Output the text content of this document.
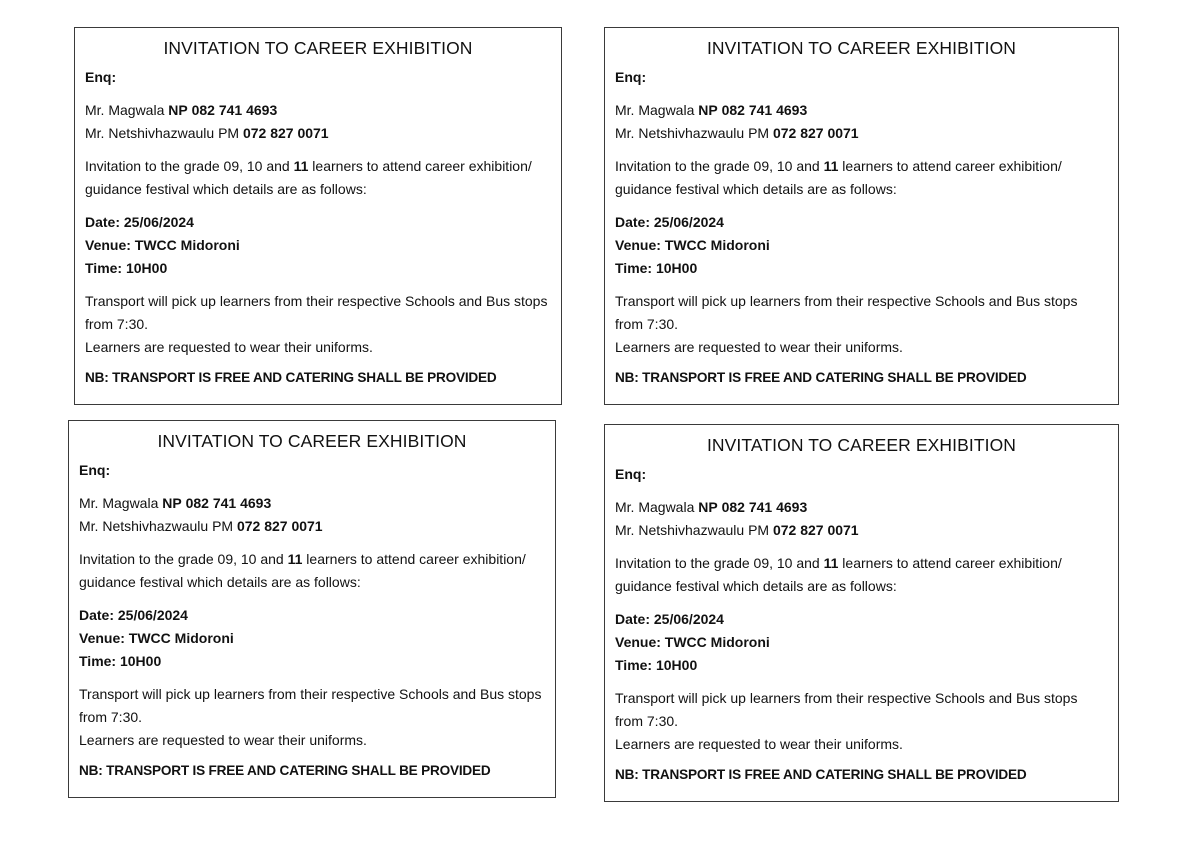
INVITATION TO CAREER EXHIBITION
Enq:
Mr. Magwala NP 082 741 4693
Mr. Netshivhazwaulu PM 072 827 0071
Invitation to the grade 09, 10 and 11 learners to attend career exhibition/ guidance festival which details are as follows:
Date: 25/06/2024
Venue: TWCC Midoroni
Time: 10H00
Transport will pick up learners from their respective Schools and Bus stops from 7:30.
Learners are requested to wear their uniforms.
NB: TRANSPORT IS FREE AND CATERING SHALL BE PROVIDED
INVITATION TO CAREER EXHIBITION
Enq:
Mr. Magwala NP 082 741 4693
Mr. Netshivhazwaulu PM 072 827 0071
Invitation to the grade 09, 10 and 11 learners to attend career exhibition/ guidance festival which details are as follows:
Date: 25/06/2024
Venue: TWCC Midoroni
Time: 10H00
Transport will pick up learners from their respective Schools and Bus stops from 7:30.
Learners are requested to wear their uniforms.
NB: TRANSPORT IS FREE AND CATERING SHALL BE PROVIDED
INVITATION TO CAREER EXHIBITION
Enq:
Mr. Magwala NP 082 741 4693
Mr. Netshivhazwaulu PM 072 827 0071
Invitation to the grade 09, 10 and 11 learners to attend career exhibition/ guidance festival which details are as follows:
Date: 25/06/2024
Venue: TWCC Midoroni
Time: 10H00
Transport will pick up learners from their respective Schools and Bus stops from 7:30.
Learners are requested to wear their uniforms.
NB: TRANSPORT IS FREE AND CATERING SHALL BE PROVIDED
INVITATION TO CAREER EXHIBITION
Enq:
Mr. Magwala NP 082 741 4693
Mr. Netshivhazwaulu PM 072 827 0071
Invitation to the grade 09, 10 and 11 learners to attend career exhibition/ guidance festival which details are as follows:
Date: 25/06/2024
Venue: TWCC Midoroni
Time: 10H00
Transport will pick up learners from their respective Schools and Bus stops from 7:30.
Learners are requested to wear their uniforms.
NB: TRANSPORT IS FREE AND CATERING SHALL BE PROVIDED
